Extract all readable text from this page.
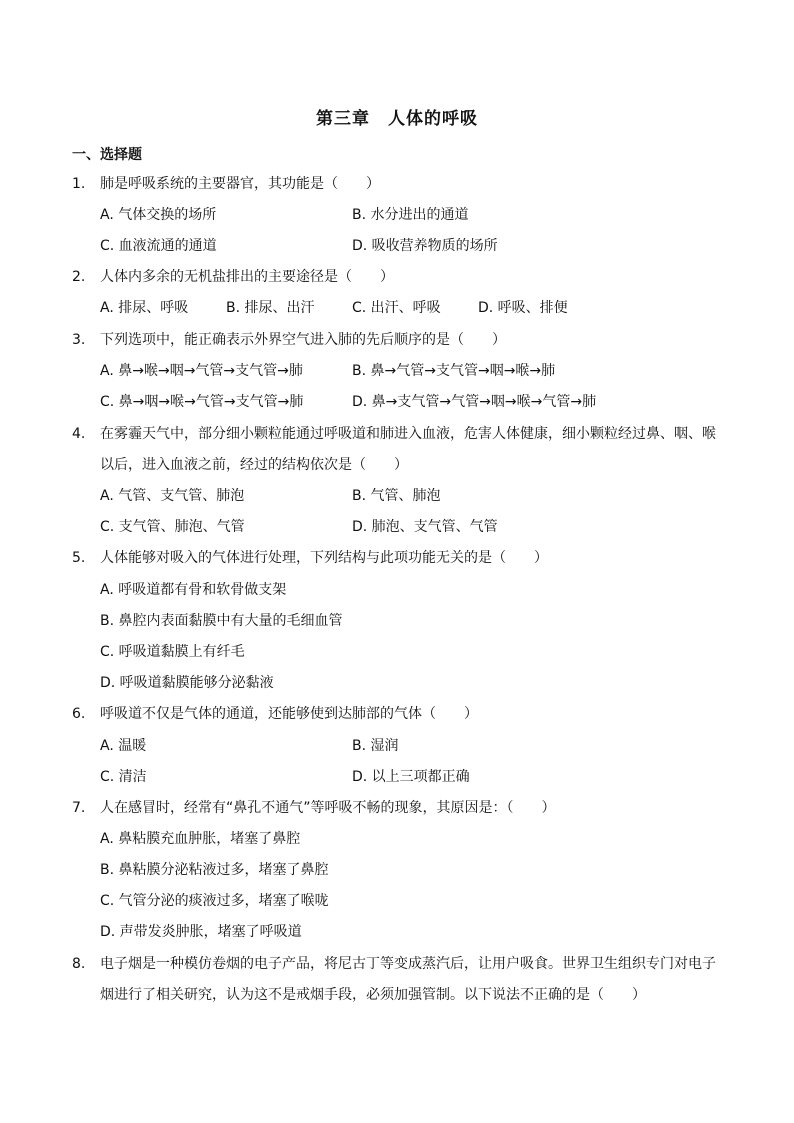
第三章　人体的呼吸
一、选择题
1.	肺是呼吸系统的主要器官，其功能是（　　）
A. 气体交换的场所	B. 水分进出的通道
C. 血液流通的通道	D. 吸收营养物质的场所
2.	人体内多余的无机盐排出的主要途径是（　　）
A. 排尿、呼吸	B. 排尿、出汗	C. 出汗、呼吸	D. 呼吸、排便
3.	下列选项中，能正确表示外界空气进入肺的先后顺序的是（　　）
A. 鼻→喉→咽→气管→支气管→肺	B. 鼻→气管→支气管→咽→喉→肺
C. 鼻→咽→喉→气管→支气管→肺	D. 鼻→支气管→气管→咽→喉→气管→肺
4.	在雾霾天气中，部分细小颗粒能通过呼吸道和肺进入血液，危害人体健康，细小颗粒经过鼻、咽、喉
以后，进入血液之前，经过的结构依次是（　　）
A. 气管、支气管、肺泡	B. 气管、肺泡
C. 支气管、肺泡、气管	D. 肺泡、支气管、气管
5.	人体能够对吸入的气体进行处理，下列结构与此项功能无关的是（　　）
A. 呼吸道都有骨和软骨做支架
B. 鼻腔内表面黏膜中有大量的毛细血管
C. 呼吸道黏膜上有纤毛
D. 呼吸道黏膜能够分泌黏液
6.	呼吸道不仅是气体的通道，还能够使到达肺部的气体（　　）
A. 温暖	B. 湿润
C. 清洁	D. 以上三项都正确
7.	人在感冒时，经常有“鼻孔不通气”等呼吸不畅的现象，其原因是：（　　）
A. 鼻粘膜充血肿胀，堵塞了鼻腔
B. 鼻粘膜分泌粘液过多，堵塞了鼻腔
C. 气管分泌的痰液过多，堵塞了喉咙
D. 声带发炎肿胀，堵塞了呼吸道
8.	电子烟是一种模仿卷烟的电子产品，将尼古丁等变成蒸汽后，让用户吸食。世界卫生组织专门对电子
烟进行了相关研究，认为这不是戒烟手段，必须加强管制。以下说法不正确的是（　　）
